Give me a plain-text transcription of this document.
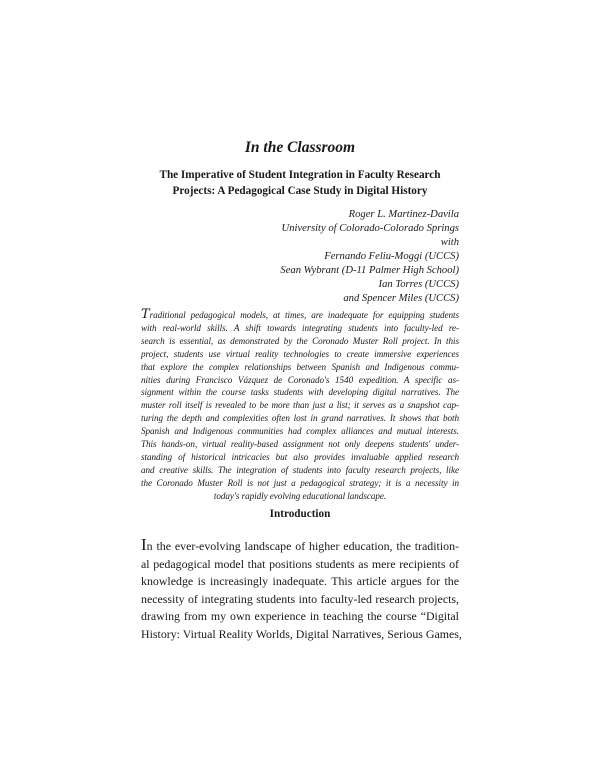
In the Classroom
The Imperative of Student Integration in Faculty Research
Projects: A Pedagogical Case Study in Digital History
Roger L. Martinez-Davila
University of Colorado-Colorado Springs
with
Fernando Feliu-Moggi (UCCS)
Sean Wybrant (D-11 Palmer High School)
Ian Torres (UCCS)
and Spencer Miles (UCCS)
Traditional pedagogical models, at times, are inadequate for equipping students
with real-world skills. A shift towards integrating students into faculty-led re-
search is essential, as demonstrated by the Coronado Muster Roll project. In this
project, students use virtual reality technologies to create immersive experiences
that explore the complex relationships between Spanish and Indigenous commu-
nities during Francisco Vázquez de Coronado's 1540 expedition. A specific as-
signment within the course tasks students with developing digital narratives. The
muster roll itself is revealed to be more than just a list; it serves as a snapshot cap-
turing the depth and complexities often lost in grand narratives. It shows that both
Spanish and Indigenous communities had complex alliances and mutual interests.
This hands-on, virtual reality-based assignment not only deepens students' under-
standing of historical intricacies but also provides invaluable applied research
and creative skills. The integration of students into faculty research projects, like
the Coronado Muster Roll is not just a pedagogical strategy; it is a necessity in
today's rapidly evolving educational landscape.
Introduction
In the ever-evolving landscape of higher education, the tradition-
al pedagogical model that positions students as mere recipients of
knowledge is increasingly inadequate. This article argues for the
necessity of integrating students into faculty-led research projects,
drawing from my own experience in teaching the course “Digital
History: Virtual Reality Worlds, Digital Narratives, Serious Games,
